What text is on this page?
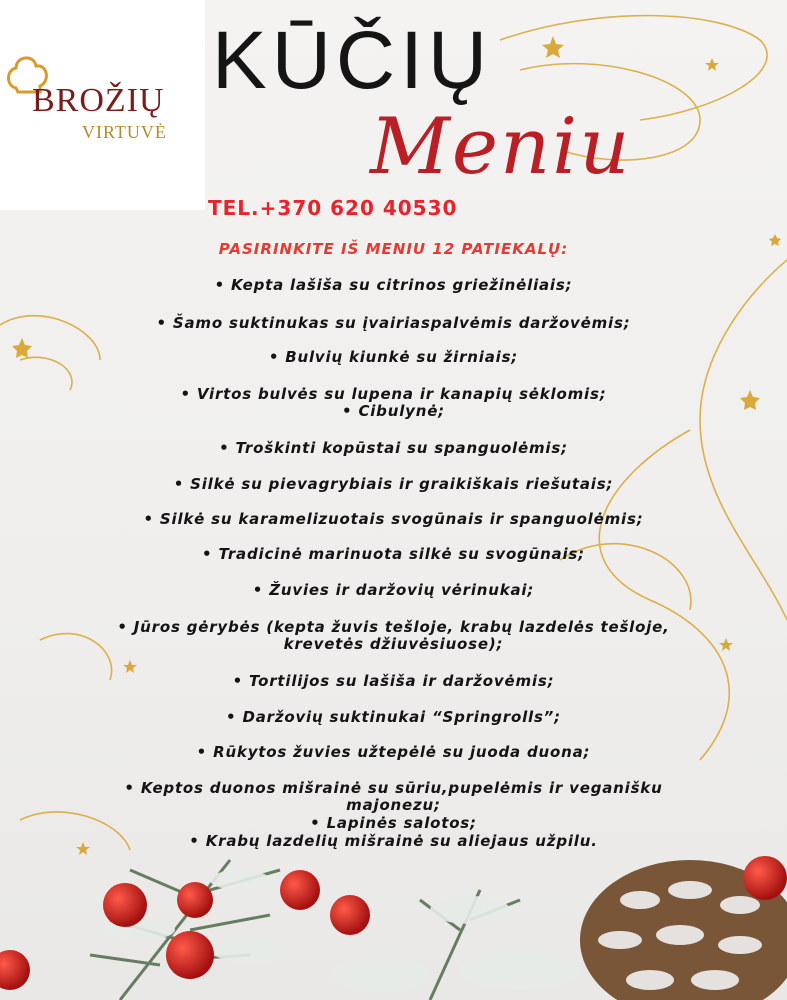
BROŽIŲ
VIRTUVĖ
KŪČIŲ
Meniu
TEL.+370 620 40530
PASIRINKITE IŠ MENIU 12 PATIEKALŲ:
• Kepta lašiša su citrinos griežinėliais;
• Šamo suktinukas su įvairiaspalvėmis daržovėmis;
• Bulvių kiunkė su žirniais;
• Virtos bulvės su lupena ir kanapių sėklomis;
• Cibulynė;
• Troškinti kopūstai su spanguolėmis;
• Silkė su pievagrybiais ir graikiškais riešutais;
• Silkė su karamelizuotais svogūnais ir spanguolėmis;
• Tradicinė marinuota silkė su svogūnais;
• Žuvies ir daržovių vėrinukai;
• Jūros gėrybės (kepta žuvis tešloje, krabų lazdelės tešloje,
krevetės džiuvėsiuose);
• Tortilijos su lašiša ir daržovėmis;
• Daržovių suktinukai “Springrolls”;
• Rūkytos žuvies užtepėlė su juoda duona;
• Keptos duonos mišrainė su sūriu,pupelėmis ir veganišku
majonezu;
• Lapinės salotos;
• Krabų lazdelių mišrainė su aliejaus užpilu.
